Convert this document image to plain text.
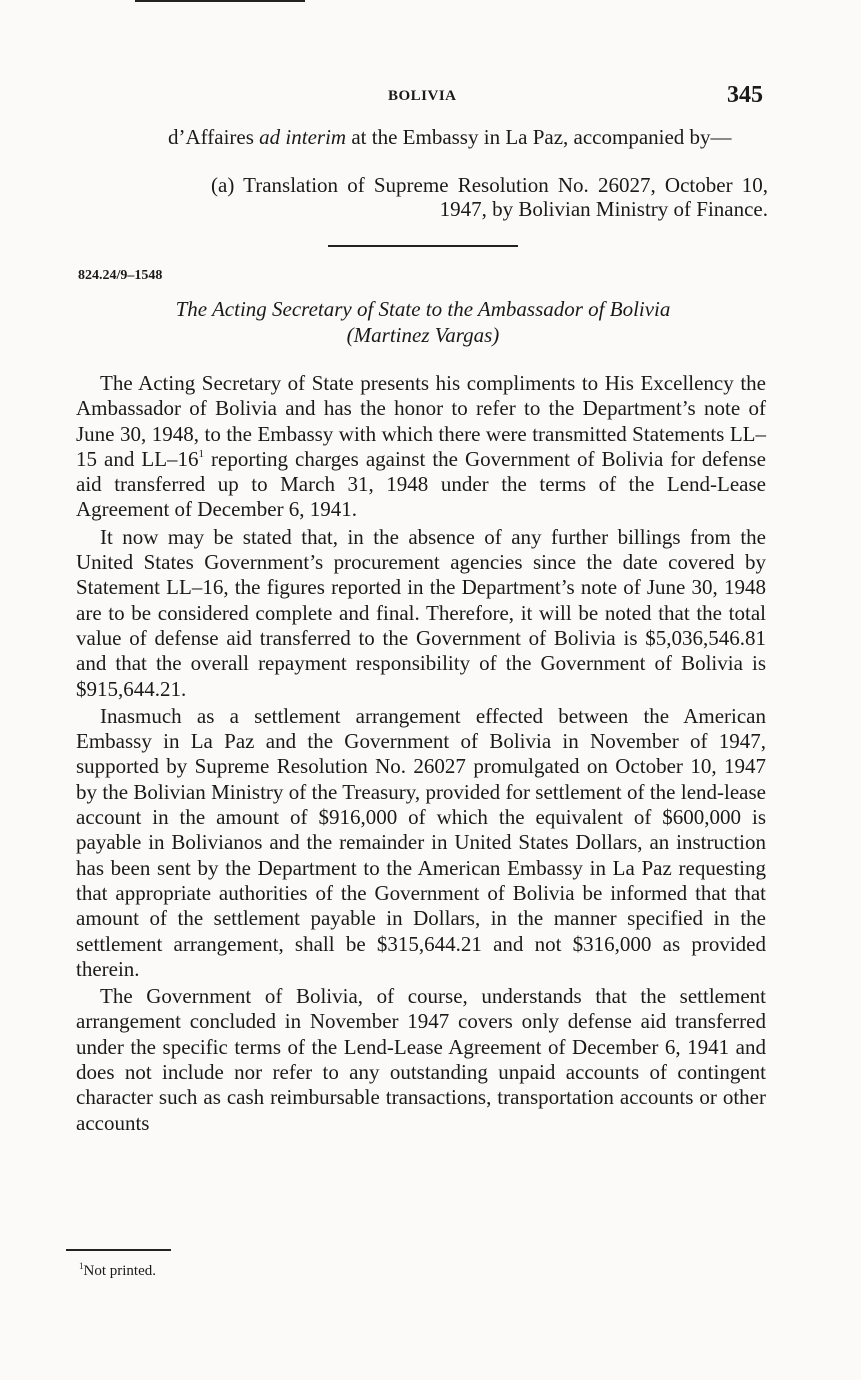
BOLIVIA	345
d’Affaires ad interim at the Embassy in La Paz, accompanied by—
(a) Translation of Supreme Resolution No. 26027, October 10, 1947, by Bolivian Ministry of Finance.
824.24/9–1548
The Acting Secretary of State to the Ambassador of Bolivia
(Martinez Vargas)

The Acting Secretary of State presents his compliments to His Excellency the Ambassador of Bolivia and has the honor to refer to the Department’s note of June 30, 1948, to the Embassy with which there were transmitted Statements LL–15 and $LL-16^1$ reporting charges against the Government of Bolivia for defense aid transferred up to March 31, 1948 under the terms of the Lend-Lease Agreement of December 6, 1941.

It now may be stated that, in the absence of any further billings from the United States Government’s procurement agencies since the date covered by Statement LL–16, the figures reported in the Department’s note of June 30, 1948 are to be considered complete and final. Therefore, it will be noted that the total value of defense aid transferred to the Government of Bolivia is $5,036,546.81 and that the overall repayment responsibility of the Government of Bolivia is $915,644.21.

Inasmuch as a settlement arrangement effected between the American Embassy in La Paz and the Government of Bolivia in November of 1947, supported by Supreme Resolution No. 26027 promulgated on October 10, 1947 by the Bolivian Ministry of the Treasury, provided for settlement of the lend-lease account in the amount of $916,000 of which the equivalent of $600,000 is payable in Bolivianos and the remainder in United States Dollars, an instruction has been sent by the Department to the American Embassy in La Paz requesting that appropriate authorities of the Government of Bolivia be informed that that amount of the settlement payable in Dollars, in the manner specified in the settlement arrangement, shall be $315,644.21 and not $316,000 as provided therein.

The Government of Bolivia, of course, understands that the settlement arrangement concluded in November 1947 covers only defense aid transferred under the specific terms of the Lend-Lease Agreement of December 6, 1941 and does not include nor refer to any outstanding unpaid accounts of contingent character such as cash reimbursable transactions, transportation accounts or other accounts

$^1$Not printed.
